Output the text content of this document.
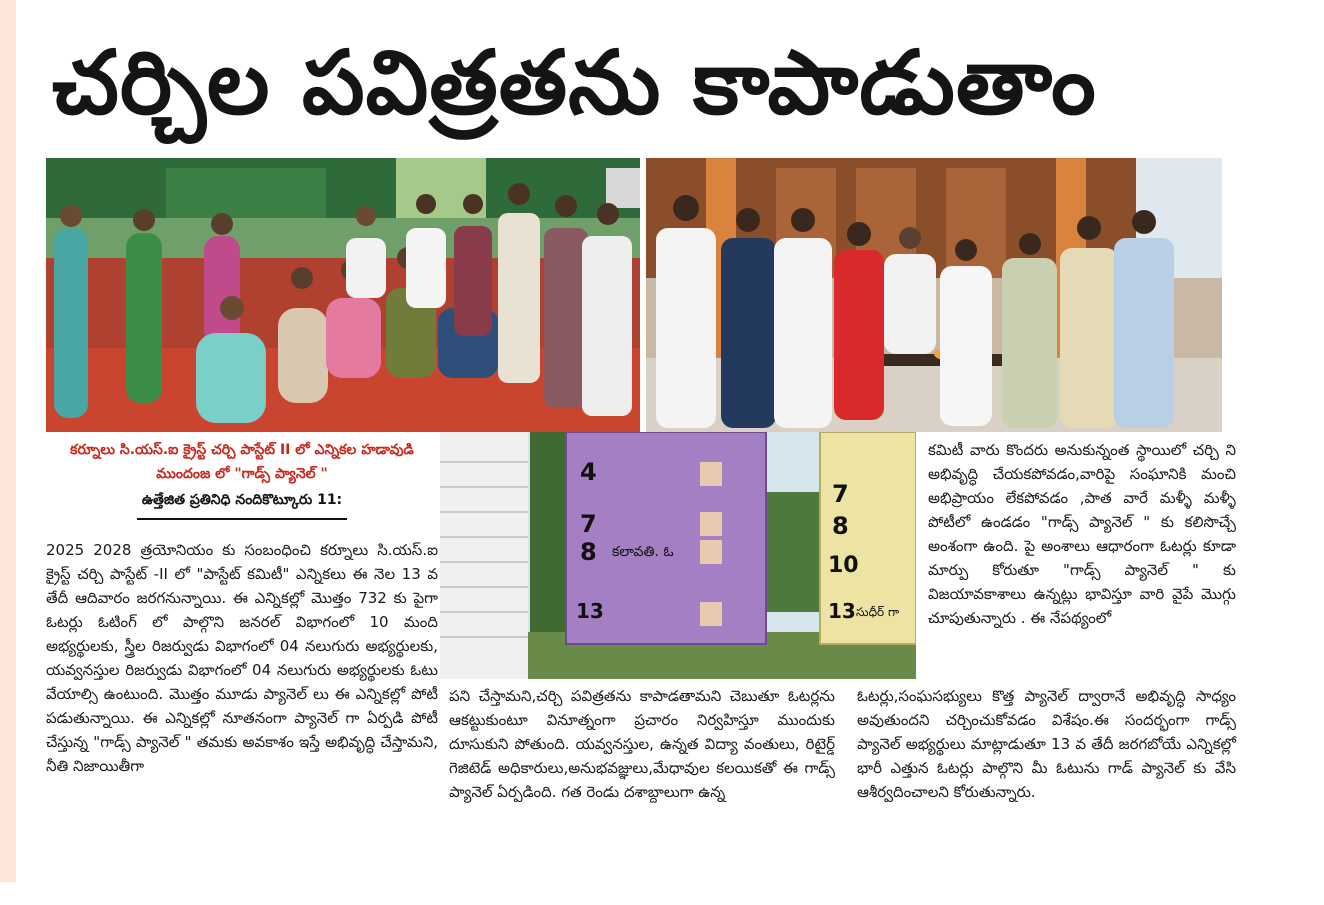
చర్చిల పవిత్రతను కాపాడుతాం
కర్నూలు సి.యస్.ఐ క్రైస్ట్ చర్చి పాస్టేట్ II లో ఎన్నికల హడావుడి
ముందంజ లో "గాడ్స్ ప్యానెల్ "
ఉత్తేజిత ప్రతినిధి నందికొట్కూరు 11:
4
7
8 కలావతి. ఓ
13
7
8
10
13 సుధీర్ గా

2025 2028 త్రయోనియం కు సంబంధించి కర్నూలు సి.యస్.ఐ క్రైస్ట్ చర్చి పాస్టేట్ -II లో "పాస్టేట్ కమిటీ" ఎన్నికలు ఈ నెల 13 వ తేదీ ఆదివారం జరగనున్నాయి. ఈ ఎన్నికల్లో మొత్తం 732 కు పైగా ఓటర్లు ఓటింగ్ లో పాల్గొని జనరల్ విభాగంలో 10 మంది అభ్యర్థులకు, స్త్రీల రిజర్వుడు విభాగంలో 04 నలుగురు అభ్యర్థులకు, యవ్వనస్తుల రిజర్వుడు విభాగంలో 04 నలుగురు అభ్యర్థులకు ఓటు వేయాల్సి ఉంటుంది. మొత్తం మూడు ప్యానెల్ లు ఈ ఎన్నికల్లో పోటీ పడుతున్నాయి. ఈ ఎన్నికల్లో నూతనంగా ప్యానెల్ గా ఏర్పడి పోటీ చేస్తున్న "గాడ్స్ ప్యానెల్ " తమకు అవకాశం ఇస్తే అభివృద్ధి చేస్తామని, నీతి నిజాయితీగా

పని చేస్తామని,చర్చి పవిత్రతను కాపాడతామని చెబుతూ ఓటర్లను ఆకట్టుకుంటూ వినూత్నంగా ప్రచారం నిర్వహిస్తూ ముందుకు దూసుకుని పోతుంది. యవ్వనస్తుల, ఉన్నత విద్యా వంతులు, రిటైర్డ్ గెజిటెడ్ అధికారులు,అనుభవజ్ఞులు,మేధావుల కలయికతో ఈ గాడ్స్ ప్యానెల్ ఏర్పడింది. గత రెండు దశాబ్దాలుగా ఉన్న

కమిటీ వారు కొందరు అనుకున్నంత స్థాయిలో చర్చి ని అభివృద్ధి చేయకపోవడం,వారిపై సంఘానికి మంచి అభిప్రాయం లేకపోవడం ,పాత వారే మళ్ళీ మళ్ళీ పోటీలో ఉండడం "గాడ్స్ ప్యానెల్ " కు కలిసొచ్చే అంశంగా ఉంది. పై అంశాలు ఆధారంగా ఓటర్లు కూడా మార్పు కోరుతూ "గాడ్స్ ప్యానెల్ " కు విజయావకాశాలు ఉన్నట్లు భావిస్తూ వారి వైపే మొగ్గు చూపుతున్నారు . ఈ నేపథ్యంలో

ఓటర్లు,సంఘసభ్యులు కొత్త ప్యానెల్ ద్వారానే అభివృద్ధి సాధ్యం అవుతుందని చర్చించుకోవడం విశేషం.ఈ సందర్భంగా గాడ్స్ ప్యానెల్ అభ్యర్థులు మాట్లాడుతూ 13 వ తేదీ జరగబోయే ఎన్నికల్లో భారీ ఎత్తున ఓటర్లు పాల్గొని మీ ఓటును గాడ్ ప్యానెల్ కు వేసి ఆశీర్వదించాలని కోరుతున్నారు.
